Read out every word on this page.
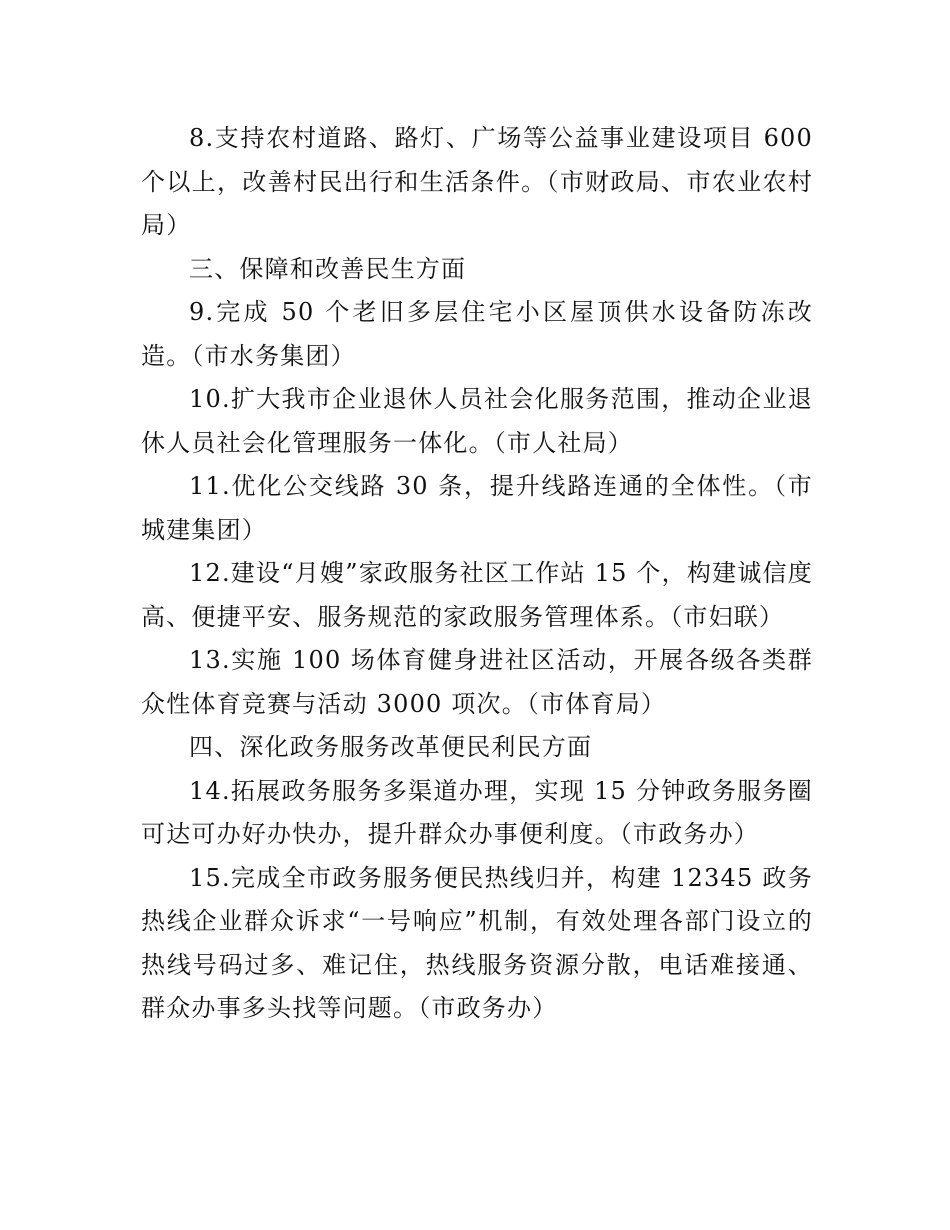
8.支持农村道路、路灯、广场等公益事业建设项目 600 个以上，改善村民出行和生活条件。（市财政局、市农业农村局）

三、保障和改善民生方面

9.完成 50 个老旧多层住宅小区屋顶供水设备防冻改造。（市水务集团）

10.扩大我市企业退休人员社会化服务范围，推动企业退休人员社会化管理服务一体化。（市人社局）

11.优化公交线路 30 条，提升线路连通的全体性。（市城建集团）

12.建设“月嫂”家政服务社区工作站 15 个，构建诚信度高、便捷平安、服务规范的家政服务管理体系。（市妇联）

13.实施 100 场体育健身进社区活动，开展各级各类群众性体育竞赛与活动 3000 项次。（市体育局）

四、深化政务服务改革便民利民方面

14.拓展政务服务多渠道办理，实现 15 分钟政务服务圈可达可办好办快办，提升群众办事便利度。（市政务办）

15.完成全市政务服务便民热线归并，构建 12345 政务热线企业群众诉求“一号响应”机制，有效处理各部门设立的热线号码过多、难记住，热线服务资源分散，电话难接通、群众办事多头找等问题。（市政务办）
